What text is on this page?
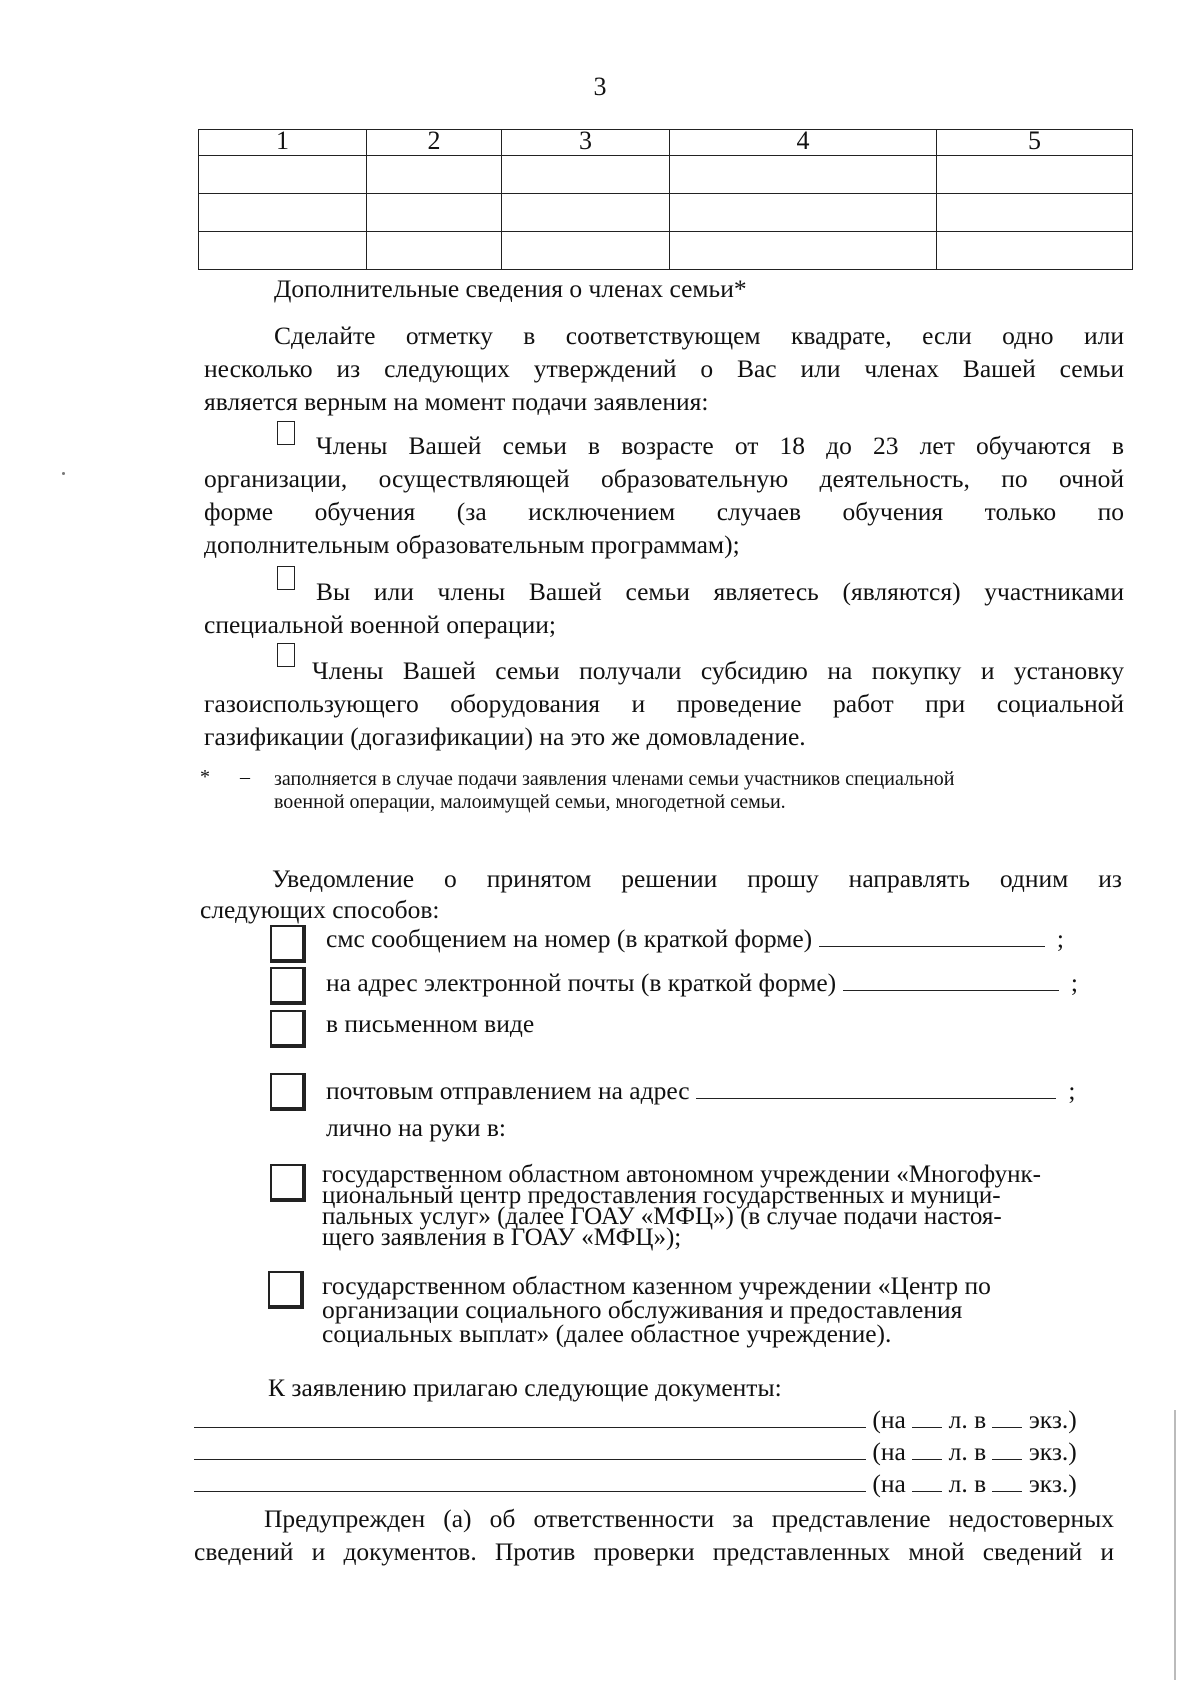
3
1	2	3	4	5

Дополнительные сведения о членах семьи*
Сделайте отметку в соответствующем квадрате, если одно или
несколько из следующих утверждений о Вас или членах Вашей семьи
является верным на момент подачи заявления:
Члены Вашей семьи в возрасте от 18 до 23 лет обучаются в
организации, осуществляющей образовательную деятельность, по очной
форме обучения (за исключением случаев обучения только по
дополнительным образовательным программам);
Вы или члены Вашей семьи являетесь (являются) участниками
специальной военной операции;
Члены Вашей семьи получали субсидию на покупку и установку
газоиспользующего оборудования и проведение работ при социальной
газификации (догазификации) на это же домовладение.
* – заполняется в случае подачи заявления членами семьи участников специальной
военной операции, малоимущей семьи, многодетной семьи.
Уведомление о принятом решении прошу направлять одним из
следующих способов:
смс сообщением на номер (в краткой форме)	;
на адрес электронной почты (в краткой форме)	;
в письменном виде
почтовым отправлением на адрес	;
лично на руки в:
государственном областном автономном учреждении «Многофунк-
циональный центр предоставления государственных и муници-
пальных услуг» (далее ГОАУ «МФЦ») (в случае подачи настоя-
щего заявления в ГОАУ «МФЦ»);
государственном областном казенном учреждении «Центр по
организации социального обслуживания и предоставления
социальных выплат» (далее областное учреждение).
К заявлению прилагаю следующие документы:
(на л. в экз.)
(на л. в экз.)
(на л. в экз.)
Предупрежден (а) об ответственности за представление недостоверных
сведений и документов. Против проверки представленных мной сведений и
